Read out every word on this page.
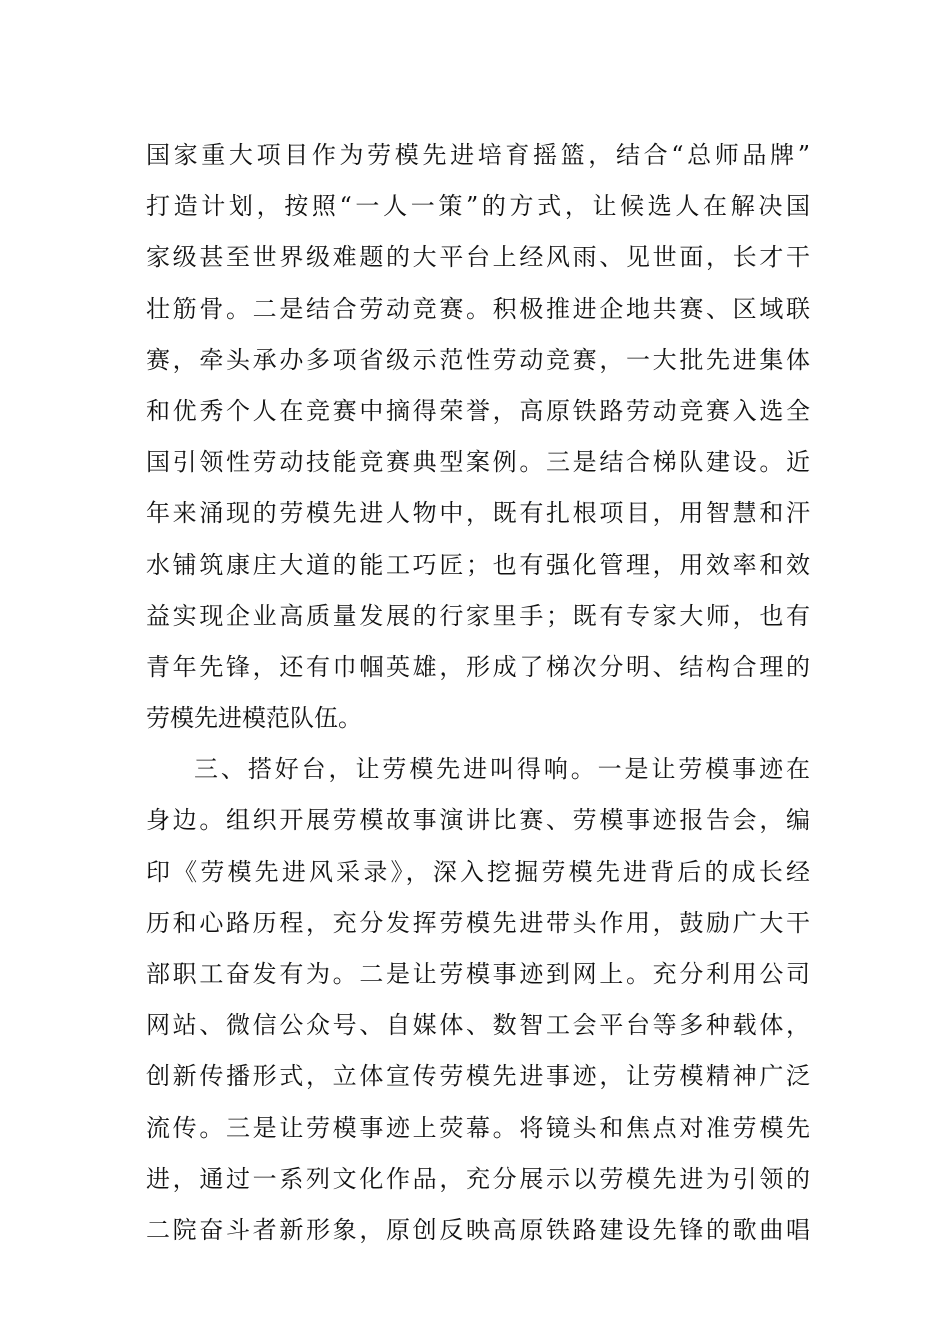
国家重大项目作为劳模先进培育摇篮，结合“总师品牌”
打造计划，按照“一人一策”的方式，让候选人在解决国
家级甚至世界级难题的大平台上经风雨、见世面，长才干
壮筋骨。二是结合劳动竞赛。积极推进企地共赛、区域联
赛，牵头承办多项省级示范性劳动竞赛，一大批先进集体
和优秀个人在竞赛中摘得荣誉，高原铁路劳动竞赛入选全
国引领性劳动技能竞赛典型案例。三是结合梯队建设。近
年来涌现的劳模先进人物中，既有扎根项目，用智慧和汗
水铺筑康庄大道的能工巧匠；也有强化管理，用效率和效
益实现企业高质量发展的行家里手；既有专家大师，也有
青年先锋，还有巾帼英雄，形成了梯次分明、结构合理的
劳模先进模范队伍。
三、搭好台，让劳模先进叫得响。一是让劳模事迹在
身边。组织开展劳模故事演讲比赛、劳模事迹报告会，编
印《劳模先进风采录》，深入挖掘劳模先进背后的成长经
历和心路历程，充分发挥劳模先进带头作用，鼓励广大干
部职工奋发有为。二是让劳模事迹到网上。充分利用公司
网站、微信公众号、自媒体、数智工会平台等多种载体，
创新传播形式，立体宣传劳模先进事迹，让劳模精神广泛
流传。三是让劳模事迹上荧幕。将镜头和焦点对准劳模先
进，通过一系列文化作品，充分展示以劳模先进为引领的
二院奋斗者新形象，原创反映高原铁路建设先锋的歌曲唱
